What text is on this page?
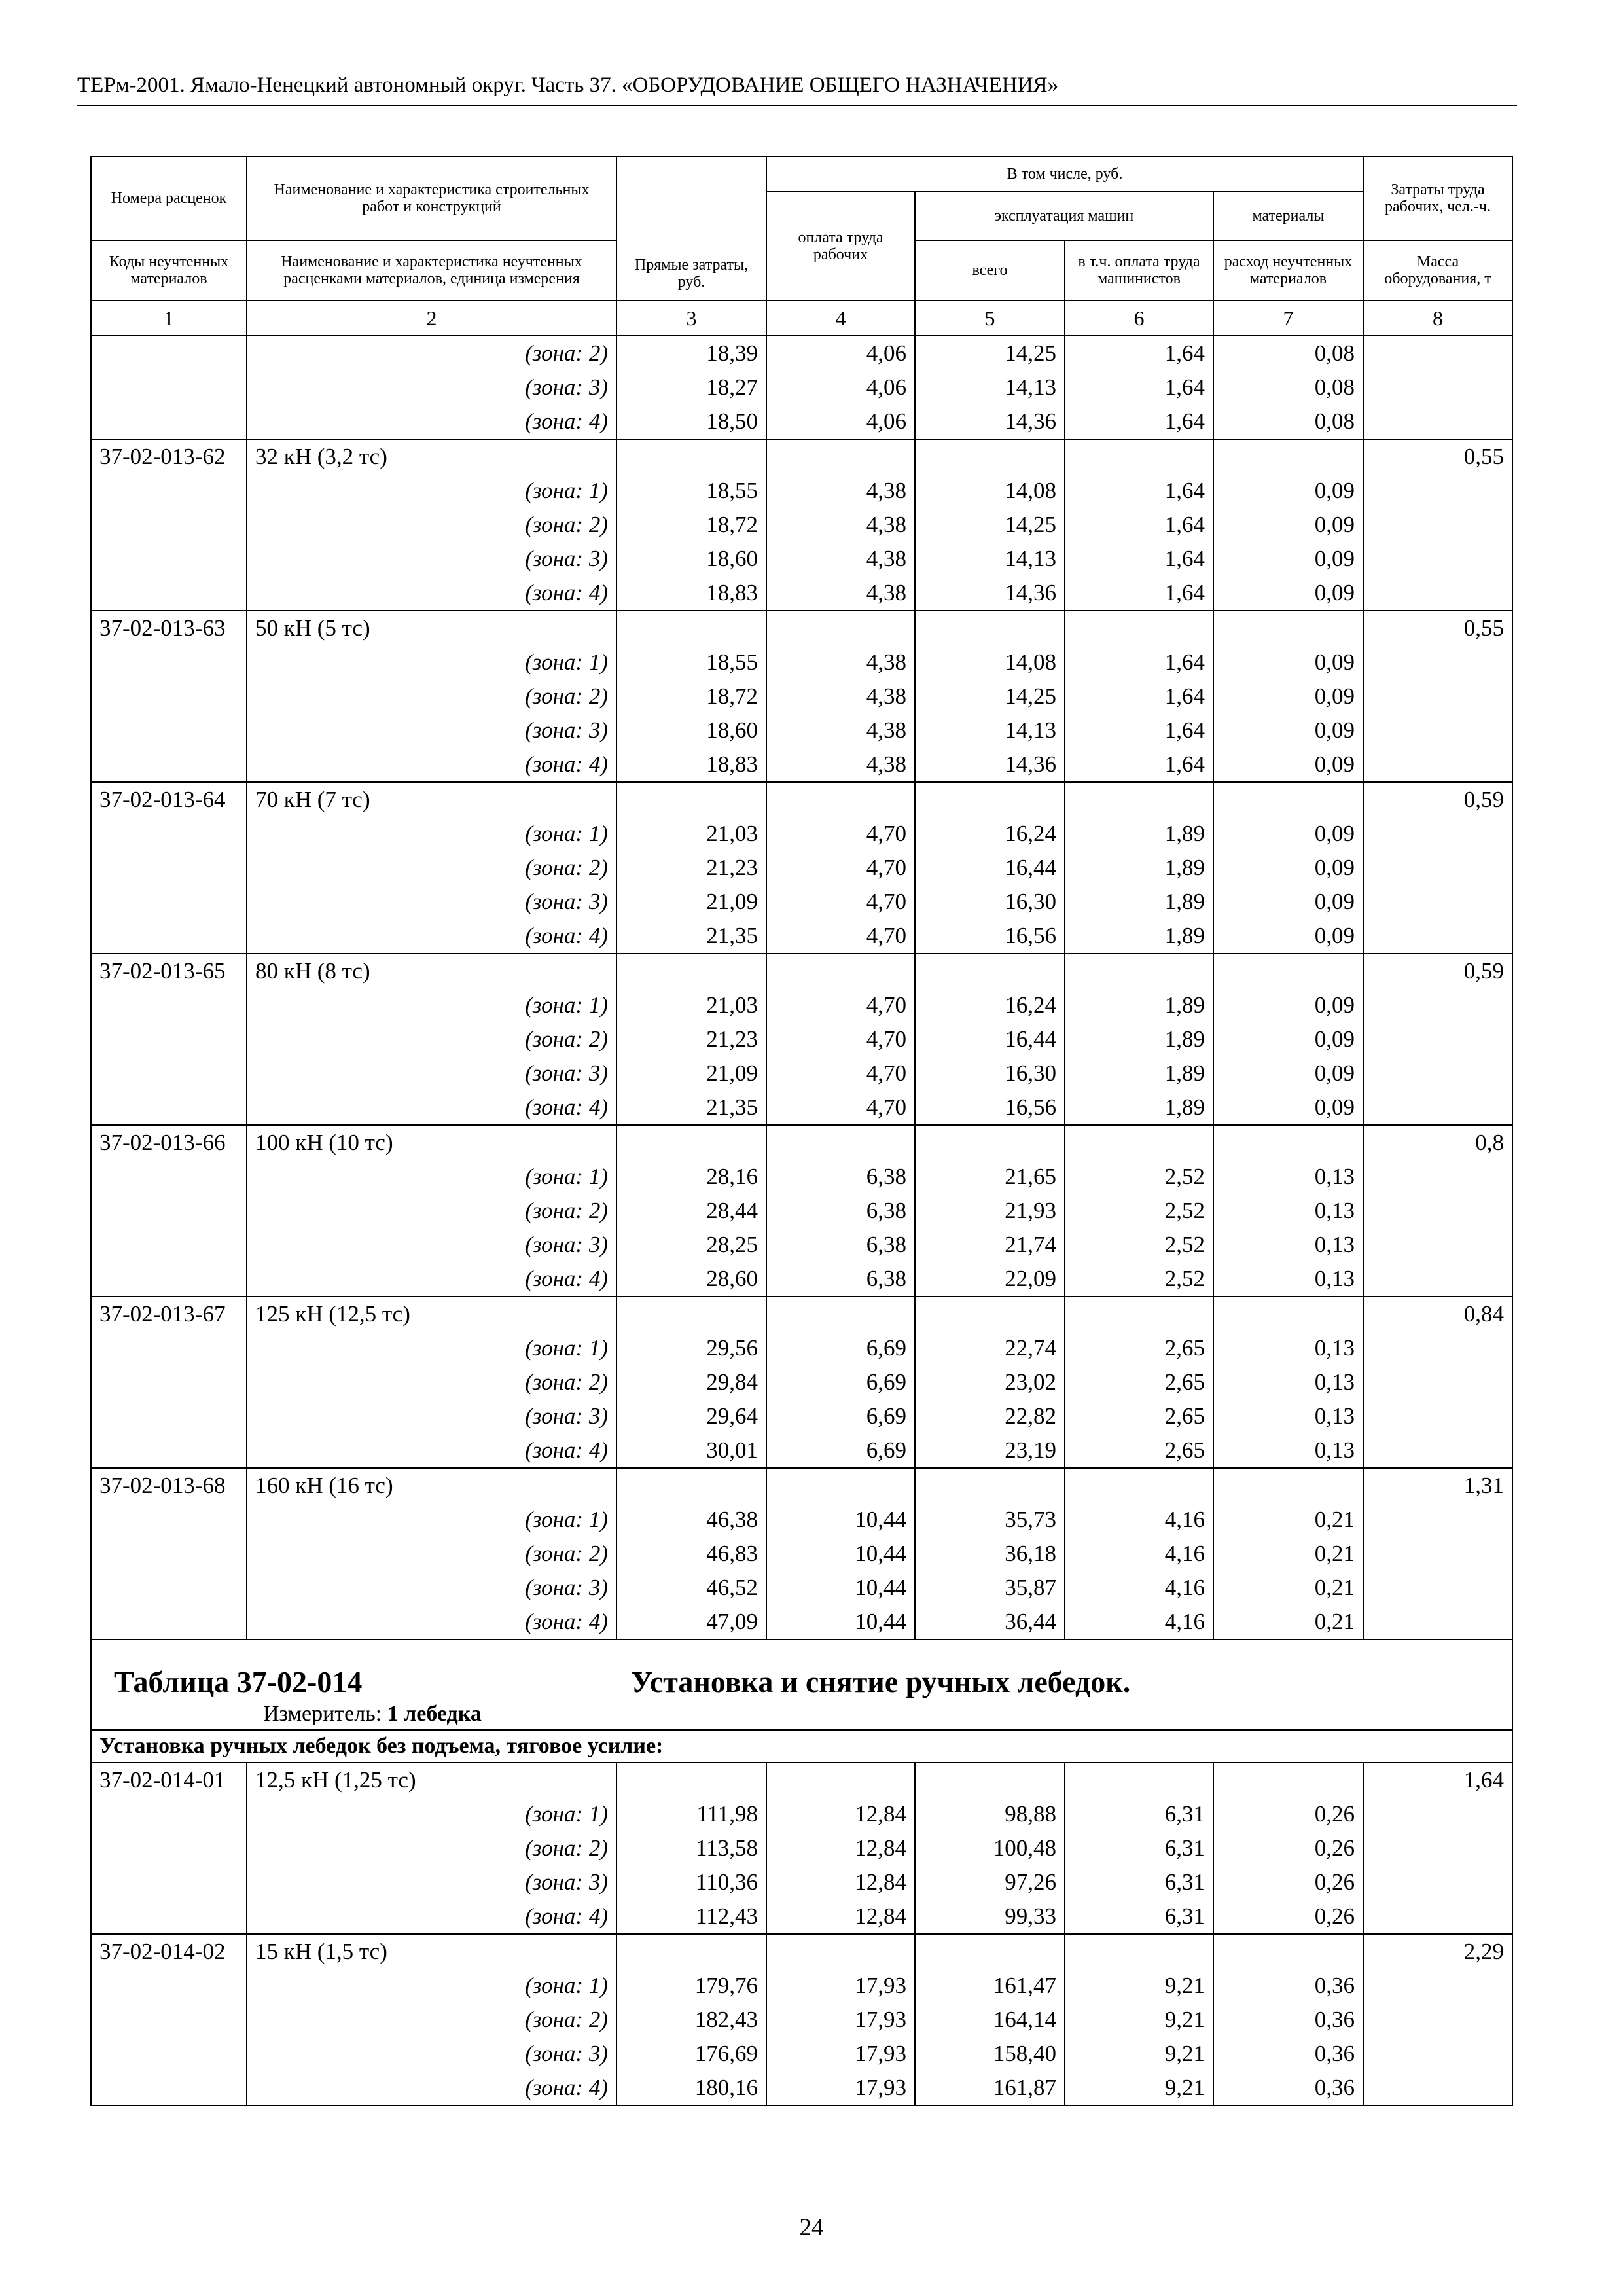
ТЕРм-2001. Ямало-Ненецкий автономный округ. Часть 37. «ОБОРУДОВАНИЕ ОБЩЕГО НАЗНАЧЕНИЯ»
Номера расценок	Наименование и характеристика строительных работ и конструкций	Прямые затраты, руб.	В том числе, руб.				Затраты труда рабочих, чел.-ч.
			оплата труда рабочих	эксплуатация машин		материалы	
Коды неучтенных материалов	Наименование и характеристика неучтенных расценками материалов, единица измерения			всего	в т.ч. оплата труда машинистов	расход неучтенных материалов	Масса оборудования, т
1	2	3	4	5	6	7	8
	(зона: 2)	18,39	4,06	14,25	1,64	0,08	
	(зона: 3)	18,27	4,06	14,13	1,64	0,08	
	(зона: 4)	18,50	4,06	14,36	1,64	0,08	
37-02-013-62	32 кН (3,2 тс)						0,55
	(зона: 1)	18,55	4,38	14,08	1,64	0,09	
	(зона: 2)	18,72	4,38	14,25	1,64	0,09	
	(зона: 3)	18,60	4,38	14,13	1,64	0,09	
	(зона: 4)	18,83	4,38	14,36	1,64	0,09	
37-02-013-63	50 кН (5 тс)						0,55
	(зона: 1)	18,55	4,38	14,08	1,64	0,09	
	(зона: 2)	18,72	4,38	14,25	1,64	0,09	
	(зона: 3)	18,60	4,38	14,13	1,64	0,09	
	(зона: 4)	18,83	4,38	14,36	1,64	0,09	
37-02-013-64	70 кН (7 тс)						0,59
	(зона: 1)	21,03	4,70	16,24	1,89	0,09	
	(зона: 2)	21,23	4,70	16,44	1,89	0,09	
	(зона: 3)	21,09	4,70	16,30	1,89	0,09	
	(зона: 4)	21,35	4,70	16,56	1,89	0,09	
37-02-013-65	80 кН (8 тс)						0,59
	(зона: 1)	21,03	4,70	16,24	1,89	0,09	
	(зона: 2)	21,23	4,70	16,44	1,89	0,09	
	(зона: 3)	21,09	4,70	16,30	1,89	0,09	
	(зона: 4)	21,35	4,70	16,56	1,89	0,09	
37-02-013-66	100 кН (10 тс)						0,8
	(зона: 1)	28,16	6,38	21,65	2,52	0,13	
	(зона: 2)	28,44	6,38	21,93	2,52	0,13	
	(зона: 3)	28,25	6,38	21,74	2,52	0,13	
	(зона: 4)	28,60	6,38	22,09	2,52	0,13	
37-02-013-67	125 кН (12,5 тс)						0,84
	(зона: 1)	29,56	6,69	22,74	2,65	0,13	
	(зона: 2)	29,84	6,69	23,02	2,65	0,13	
	(зона: 3)	29,64	6,69	22,82	2,65	0,13	
	(зона: 4)	30,01	6,69	23,19	2,65	0,13	
37-02-013-68	160 кН (16 тс)						1,31
	(зона: 1)	46,38	10,44	35,73	4,16	0,21	
	(зона: 2)	46,83	10,44	36,18	4,16	0,21	
	(зона: 3)	46,52	10,44	35,87	4,16	0,21	
	(зона: 4)	47,09	10,44	36,44	4,16	0,21	

Таблица 37-02-014 Установка и снятие ручных лебедок.
Измеритель: 1 лебедка							

Установка ручных лебедок без подъема, тяговое усилие:							
37-02-014-01	12,5 кН (1,25 тс)						1,64
	(зона: 1)	111,98	12,84	98,88	6,31	0,26	
	(зона: 2)	113,58	12,84	100,48	6,31	0,26	
	(зона: 3)	110,36	12,84	97,26	6,31	0,26	
	(зона: 4)	112,43	12,84	99,33	6,31	0,26	
37-02-014-02	15 кН (1,5 тс)						2,29
	(зона: 1)	179,76	17,93	161,47	9,21	0,36	
	(зона: 2)	182,43	17,93	164,14	9,21	0,36	
	(зона: 3)	176,69	17,93	158,40	9,21	0,36	
	(зона: 4)	180,16	17,93	161,87	9,21	0,36	
24
